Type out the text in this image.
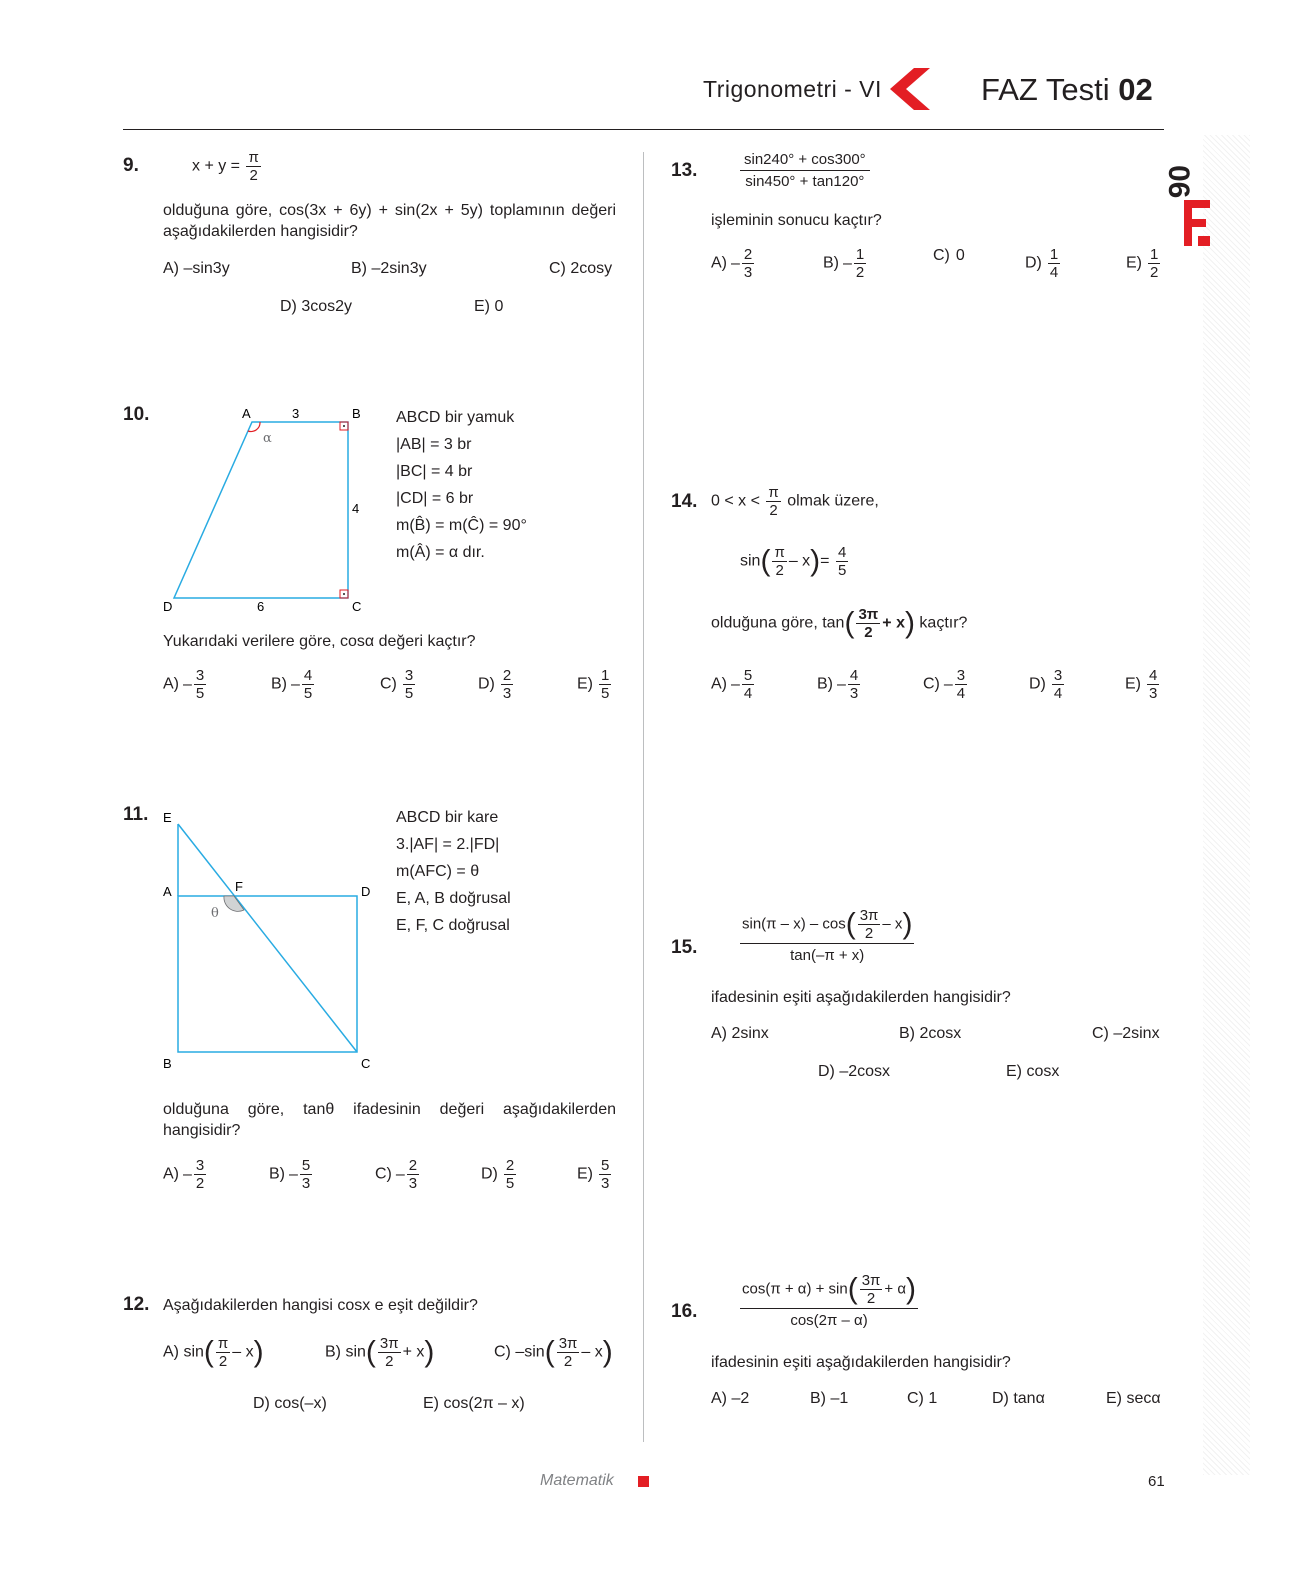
Trigonometri - VI	FAZ Testi 02
06
9.	$x + y = \frac{\pi}{2}$
olduğuna göre, cos(3x + 6y) + sin(2x + 5y) toplamının değeri aşağıdakilerden hangisidir?
A) –sin3y	B) –2sin3y	C) 2cosy
D) 3cos2y	E) 0
10.	A	3	B
α
4
D	6	C
ABCD bir yamuk
|AB| = 3 br
|BC| = 4 br
|CD| = 6 br
m(B̂) = m(Ĉ) = 90°
m(Â) = α dır.
Yukarıdaki verilere göre, cosα değeri kaçtır?
$A) - \frac{3}{5}$	$B) - \frac{4}{5}$	$C) \frac{3}{5}$	$D) \frac{2}{3}$	$E) \frac{1}{5}$
11. E
A	F	D
θ
B	C
ABCD bir kare
3.|AF| = 2.|FD|
m(AFC) = θ
E, A, B doğrusal
E, F, C doğrusal
olduğuna göre, tanθ ifadesinin değeri aşağıdakilerden hangisidir?
$A) - \frac{3}{2}$	$B) - \frac{5}{3}$	$C) - \frac{2}{3}$	$D) \frac{2}{5}$	$E) \frac{5}{3}$
12. Aşağıdakilerden hangisi cosx e eşit değildir?
A) $\sin( \frac{\pi}{2} - x)$	B) $\sin( \frac{3\pi}{2} + x)$	C) $-\sin( \frac{3\pi}{2} - x)$
D) cos(–x)	E) cos(2π – x)
13.	$\frac{\sin 240^\circ + \cos 300^\circ}{\sin 450^\circ + \tan 120^\circ}$
işleminin sonucu kaçtır?
$A) - \frac{2}{3}$	$B) - \frac{1}{2}$	C) 0	$D) \frac{1}{4}$	$E) \frac{1}{2}$
14. $0 < x < \frac{\pi}{2}$ olmak üzere,
$\sin( \frac{\pi}{2} - x)= \frac{4}{5}$
olduğuna göre, $\tan( \frac{3\pi}{2} + x)$ kaçtır?
$A) - \frac{5}{4}$	$B) - \frac{4}{3}$	$C) - \frac{3}{4}$	$D) \frac{3}{4}$	$E) \frac{4}{3}$
15.	$\frac{\sin(\pi - x) - \cos( \frac{3\pi}{2} - x)}{\tan(-\pi + x)}$
ifadesinin eşiti aşağıdakilerden hangisidir?
A) 2sinx	B) 2cosx	C) –2sinx
D) –2cosx	E) cosx
16.	$\frac{\cos(\pi + \alpha) + \sin( \frac{3\pi}{2} + \alpha)}{\cos(2\pi - \alpha)}$
ifadesinin eşiti aşağıdakilerden hangisidir?
A) –2	B) –1	C) 1	D) tanα	E) secα
Matematik	61
